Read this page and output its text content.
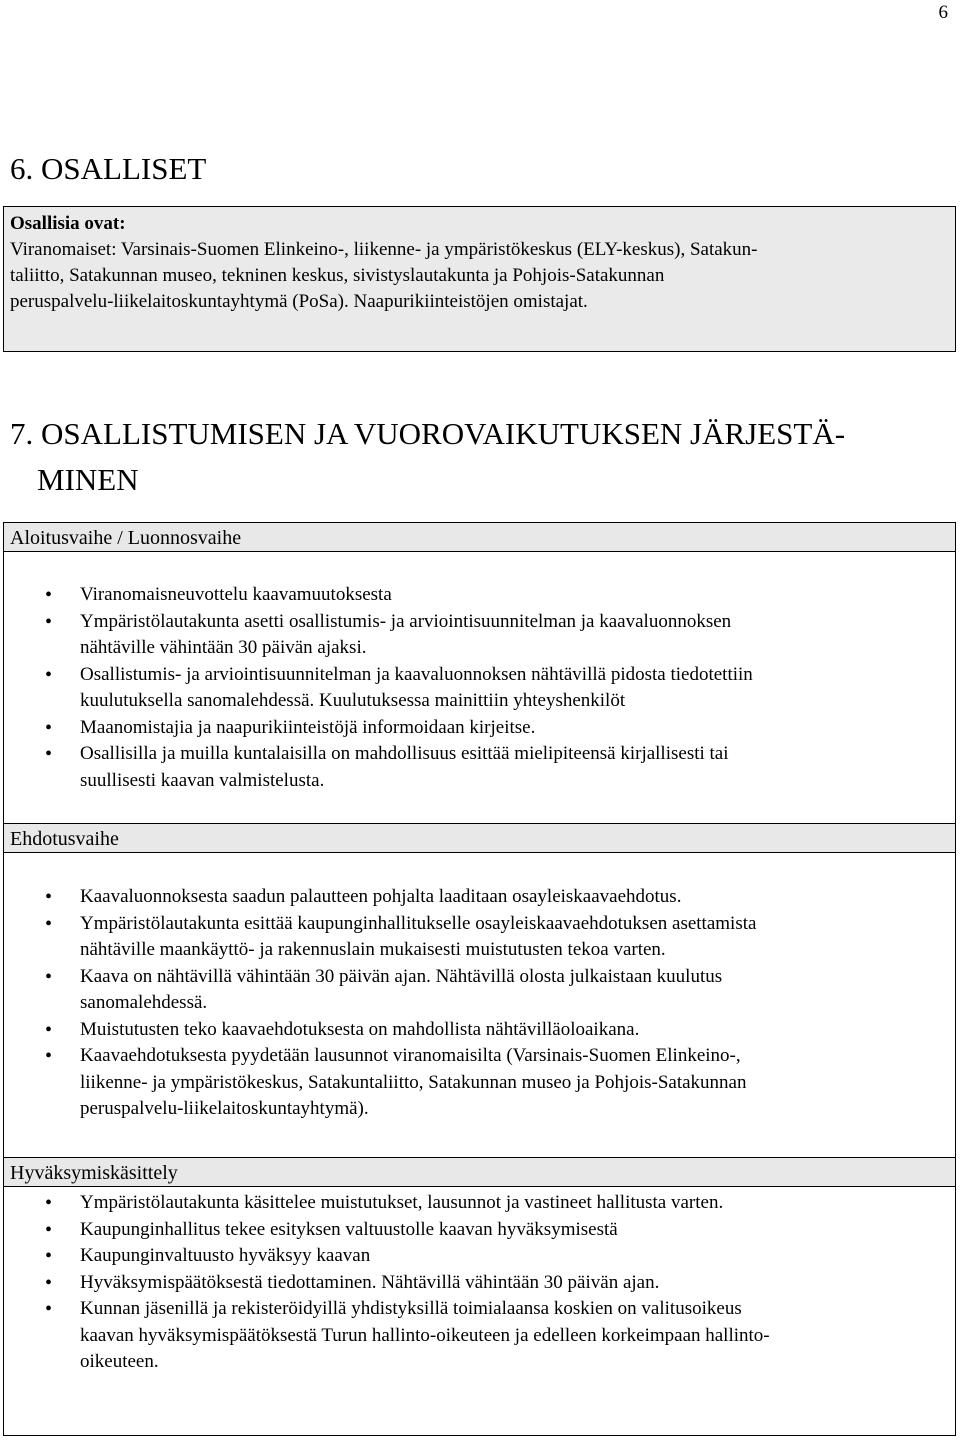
6
6. OSALLISET
Osallisia ovat:
Viranomaiset: Varsinais-Suomen Elinkeino-, liikenne- ja ympäristökeskus (ELY-keskus), Satakun-
taliitto, Satakunnan museo, tekninen keskus, sivistyslautakunta ja Pohjois-Satakunnan
peruspalvelu-liikelaitoskuntayhtymä (PoSa). Naapurikiinteistöjen omistajat.
7. OSALLISTUMISEN JA VUOROVAIKUTUKSEN JÄRJESTÄ-
MINEN
Aloitusvaihe / Luonnosvaihe
• Viranomaisneuvottelu kaavamuutoksesta
• Ympäristölautakunta asetti osallistumis- ja arviointisuunnitelman ja kaavaluonnoksen
nähtäville vähintään 30 päivän ajaksi.
• Osallistumis- ja arviointisuunnitelman ja kaavaluonnoksen nähtävillä pidosta tiedotettiin
kuulutuksella sanomalehdessä. Kuulutuksessa mainittiin yhteyshenkilöt
• Maanomistajia ja naapurikiinteistöjä informoidaan kirjeitse.
• Osallisilla ja muilla kuntalaisilla on mahdollisuus esittää mielipiteensä kirjallisesti tai
suullisesti kaavan valmistelusta.
Ehdotusvaihe
• Kaavaluonnoksesta saadun palautteen pohjalta laaditaan osayleiskaavaehdotus.
• Ympäristölautakunta esittää kaupunginhallitukselle osayleiskaavaehdotuksen asettamista
nähtäville maankäyttö- ja rakennuslain mukaisesti muistutusten tekoa varten.
• Kaava on nähtävillä vähintään 30 päivän ajan. Nähtävillä olosta julkaistaan kuulutus
sanomalehdessä.
• Muistutusten teko kaavaehdotuksesta on mahdollista nähtävilläoloaikana.
• Kaavaehdotuksesta pyydetään lausunnot viranomaisilta (Varsinais-Suomen Elinkeino-,
liikenne- ja ympäristökeskus, Satakuntaliitto, Satakunnan museo ja Pohjois-Satakunnan
peruspalvelu-liikelaitoskuntayhtymä).
Hyväksymiskäsittely
• Ympäristölautakunta käsittelee muistutukset, lausunnot ja vastineet hallitusta varten.
• Kaupunginhallitus tekee esityksen valtuustolle kaavan hyväksymisestä
• Kaupunginvaltuusto hyväksyy kaavan
• Hyväksymispäätöksestä tiedottaminen. Nähtävillä vähintään 30 päivän ajan.
• Kunnan jäsenillä ja rekisteröidyillä yhdistyksillä toimialaansa koskien on valitusoikeus
kaavan hyväksymispäätöksestä Turun hallinto-oikeuteen ja edelleen korkeimpaan hallinto-
oikeuteen.
